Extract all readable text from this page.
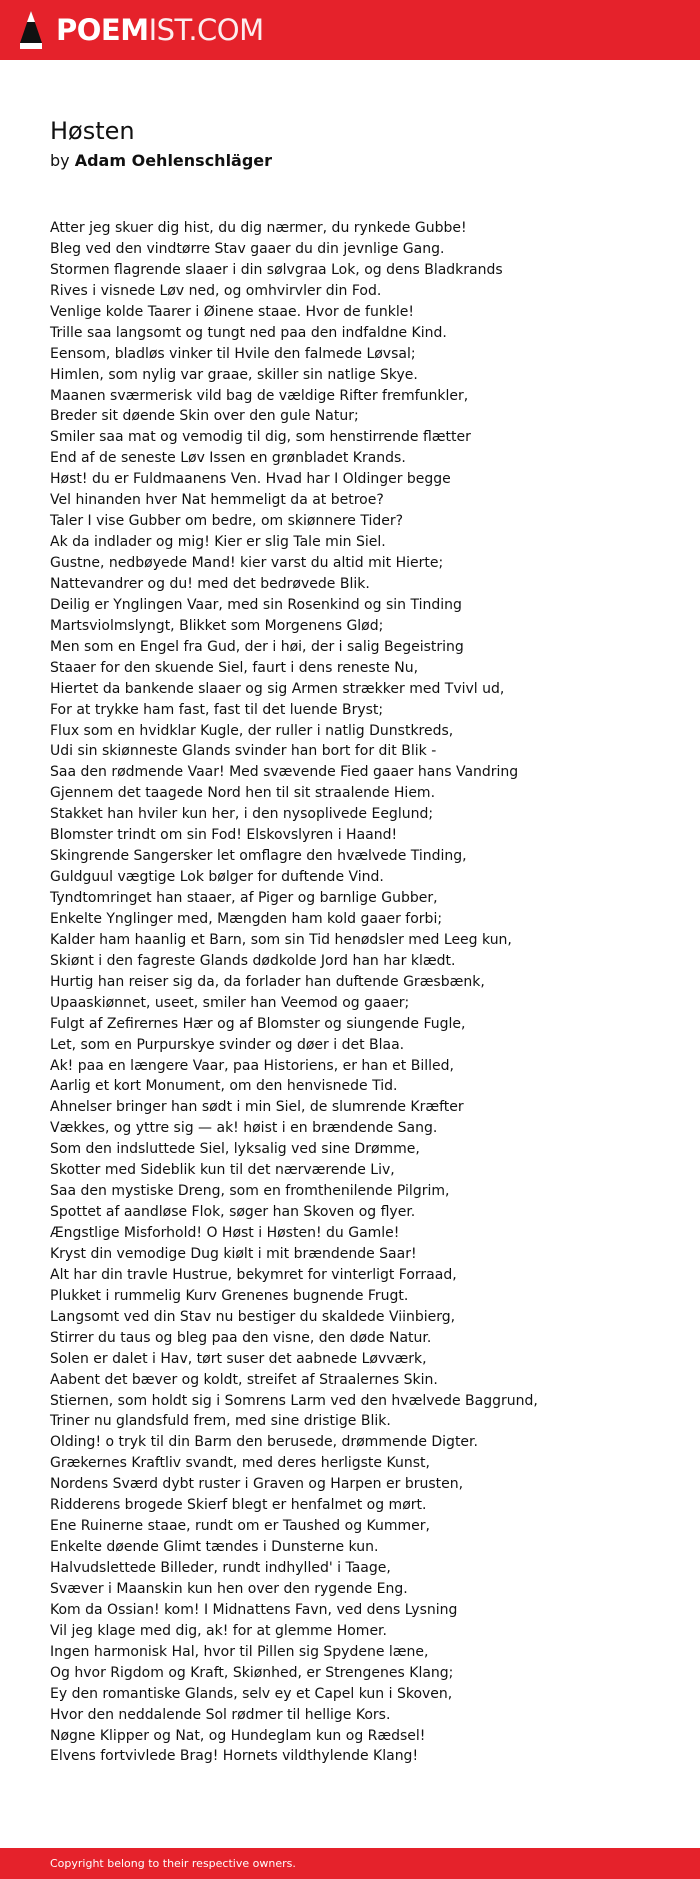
POEMIST.COM
Høsten
by Adam Oehlenschläger
Atter jeg skuer dig hist, du dig nærmer, du rynkede Gubbe!
Bleg ved den vindtørre Stav gaaer du din jevnlige Gang.
Stormen flagrende slaaer i din sølvgraa Lok, og dens Bladkrands
Rives i visnede Løv ned, og omhvirvler din Fod.
Venlige kolde Taarer i Øinene staae. Hvor de funkle!
Trille saa langsomt og tungt ned paa den indfaldne Kind.
Eensom, bladløs vinker til Hvile den falmede Løvsal;
Himlen, som nylig var graae, skiller sin natlige Skye.
Maanen sværmerisk vild bag de vældige Rifter fremfunkler,
Breder sit døende Skin over den gule Natur;
Smiler saa mat og vemodig til dig, som henstirrende flætter
End af de seneste Løv Issen en grønbladet Krands.
Høst! du er Fuldmaanens Ven. Hvad har I Oldinger begge
Vel hinanden hver Nat hemmeligt da at betroe?
Taler I vise Gubber om bedre, om skiønnere Tider?
Ak da indlader og mig! Kier er slig Tale min Siel.
Gustne, nedbøyede Mand! kier varst du altid mit Hierte;
Nattevandrer og du! med det bedrøvede Blik.
Deilig er Ynglingen Vaar, med sin Rosenkind og sin Tinding
Martsviolmslyngt, Blikket som Morgenens Glød;
Men som en Engel fra Gud, der i høi, der i salig Begeistring
Staaer for den skuende Siel, faurt i dens reneste Nu,
Hiertet da bankende slaaer og sig Armen strækker med Tvivl ud,
For at trykke ham fast, fast til det luende Bryst;
Flux som en hvidklar Kugle, der ruller i natlig Dunstkreds,
Udi sin skiønneste Glands svinder han bort for dit Blik -
Saa den rødmende Vaar! Med svævende Fied gaaer hans Vandring
Gjennem det taagede Nord hen til sit straalende Hiem.
Stakket han hviler kun her, i den nysoplivede Eeglund;
Blomster trindt om sin Fod! Elskovslyren i Haand!
Skingrende Sangersker let omflagre den hvælvede Tinding,
Guldguul vægtige Lok bølger for duftende Vind.
Tyndtomringet han staaer, af Piger og barnlige Gubber,
Enkelte Ynglinger med, Mængden ham kold gaaer forbi;
Kalder ham haanlig et Barn, som sin Tid henødsler med Leeg kun,
Skiønt i den fagreste Glands dødkolde Jord han har klædt.
Hurtig han reiser sig da, da forlader han duftende Græsbænk,
Upaaskiønnet, useet, smiler han Veemod og gaaer;
Fulgt af Zefirernes Hær og af Blomster og siungende Fugle,
Let, som en Purpurskye svinder og døer i det Blaa.
Ak! paa en længere Vaar, paa Historiens, er han et Billed,
Aarlig et kort Monument, om den henvisnede Tid.
Ahnelser bringer han sødt i min Siel, de slumrende Kræfter
Vækkes, og yttre sig — ak! høist i en brændende Sang.
Som den indsluttede Siel, lyksalig ved sine Drømme,
Skotter med Sideblik kun til det nærværende Liv,
Saa den mystiske Dreng, som en fromthenilende Pilgrim,
Spottet af aandløse Flok, søger han Skoven og flyer.
Ængstlige Misforhold! O Høst i Høsten! du Gamle!
Kryst din vemodige Dug kiølt i mit brændende Saar!
Alt har din travle Hustrue, bekymret for vinterligt Forraad,
Plukket i rummelig Kurv Grenenes bugnende Frugt.
Langsomt ved din Stav nu bestiger du skaldede Viinbierg,
Stirrer du taus og bleg paa den visne, den døde Natur.
Solen er dalet i Hav, tørt suser det aabnede Løvværk,
Aabent det bæver og koldt, streifet af Straalernes Skin.
Stiernen, som holdt sig i Somrens Larm ved den hvælvede Baggrund,
Triner nu glandsfuld frem, med sine dristige Blik.
Olding! o tryk til din Barm den berusede, drømmende Digter.
Grækernes Kraftliv svandt, med deres herligste Kunst,
Nordens Sværd dybt ruster i Graven og Harpen er brusten,
Ridderens brogede Skierf blegt er henfalmet og mørt.
Ene Ruinerne staae, rundt om er Taushed og Kummer,
Enkelte døende Glimt tændes i Dunsterne kun.
Halvudslettede Billeder, rundt indhylled' i Taage,
Svæver i Maanskin kun hen over den rygende Eng.
Kom da Ossian! kom! I Midnattens Favn, ved dens Lysning
Vil jeg klage med dig, ak! for at glemme Homer.
Ingen harmonisk Hal, hvor til Pillen sig Spydene læne,
Og hvor Rigdom og Kraft, Skiønhed, er Strengenes Klang;
Ey den romantiske Glands, selv ey et Capel kun i Skoven,
Hvor den neddalende Sol rødmer til hellige Kors.
Nøgne Klipper og Nat, og Hundeglam kun og Rædsel!
Elvens fortvivlede Brag! Hornets vildthylende Klang!
Copyright belong to their respective owners.
